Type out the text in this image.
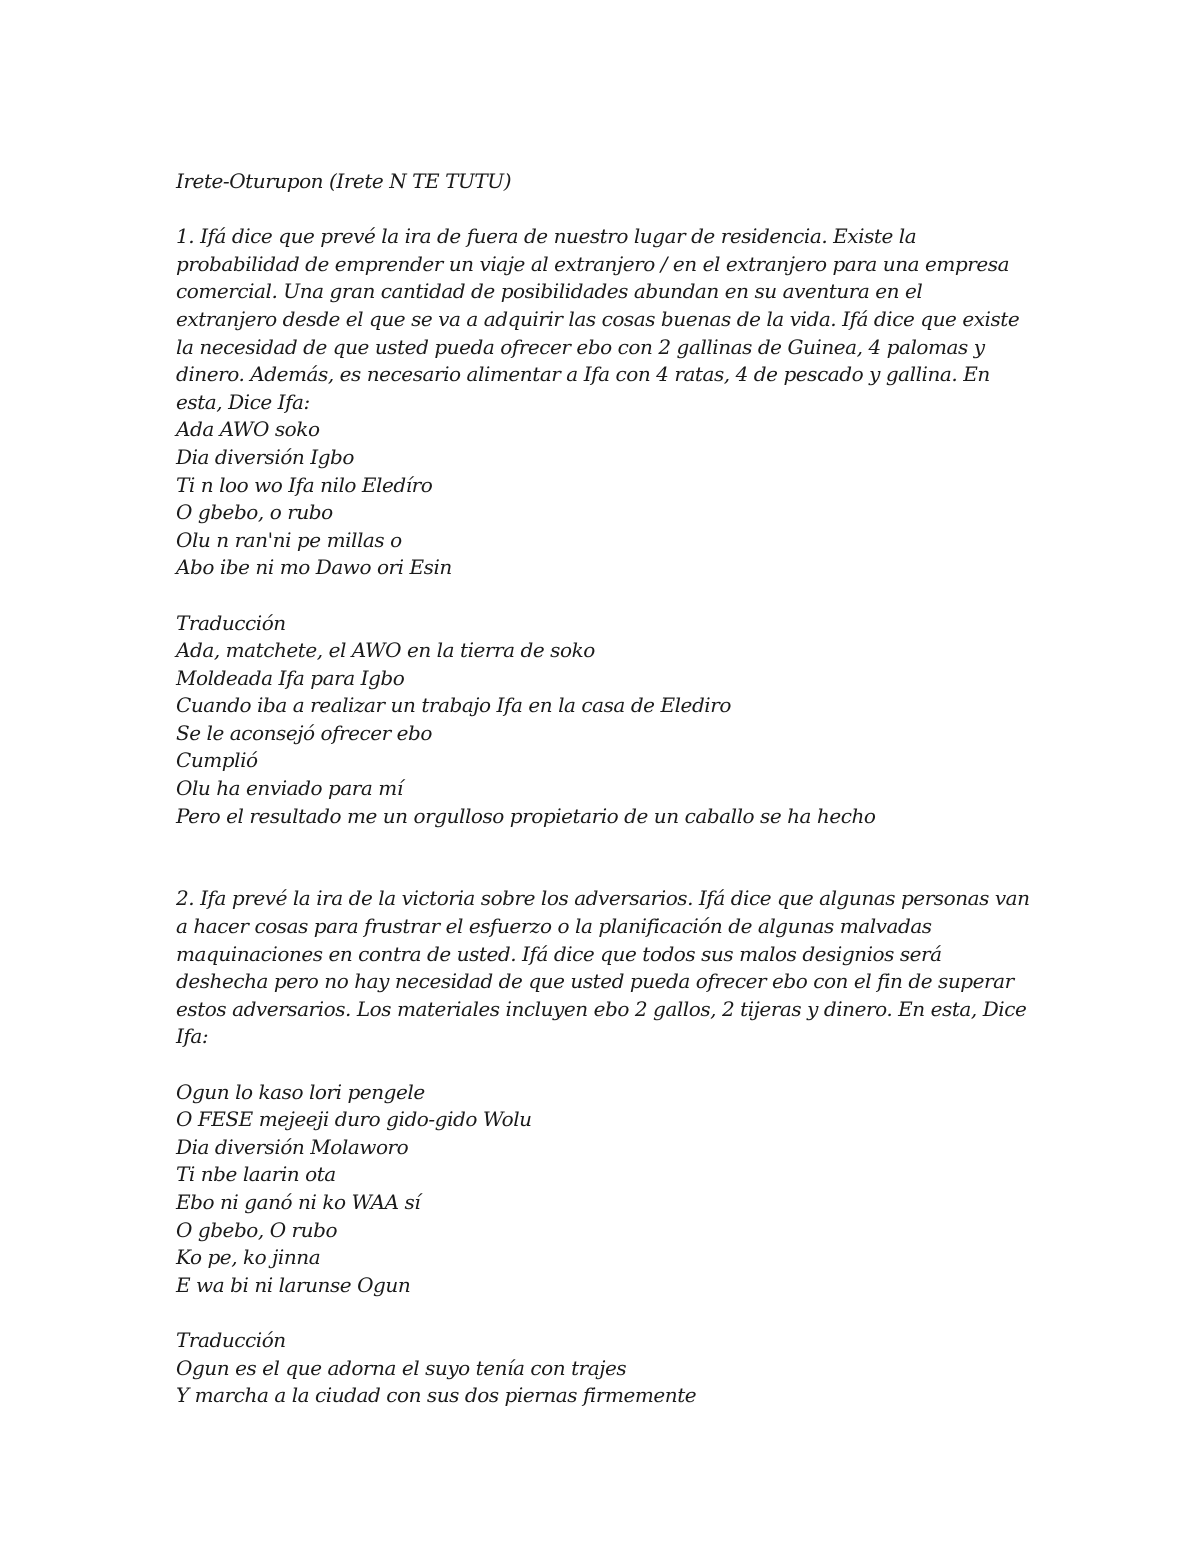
Irete-Oturupon (Irete N TE TUTU)
1. Ifá dice que prevé la ira de fuera de nuestro lugar de residencia. Existe la
probabilidad de emprender un viaje al extranjero / en el extranjero para una empresa
comercial. Una gran cantidad de posibilidades abundan en su aventura en el
extranjero desde el que se va a adquirir las cosas buenas de la vida. Ifá dice que existe
la necesidad de que usted pueda ofrecer ebo con 2 gallinas de Guinea, 4 palomas y
dinero. Además, es necesario alimentar a Ifa con 4 ratas, 4 de pescado y gallina. En
esta, Dice Ifa:
Ada AWO soko
Dia diversión Igbo
Ti n loo wo Ifa nilo Eledíro
O gbebo, o rubo
Olu n ran'ni pe millas o
Abo ibe ni mo Dawo ori Esin
Traducción
Ada, matchete, el AWO en la tierra de soko
Moldeada Ifa para Igbo
Cuando iba a realizar un trabajo Ifa en la casa de Elediro
Se le aconsejó ofrecer ebo
Cumplió
Olu ha enviado para mí
Pero el resultado me un orgulloso propietario de un caballo se ha hecho
2. Ifa prevé la ira de la victoria sobre los adversarios. Ifá dice que algunas personas van
a hacer cosas para frustrar el esfuerzo o la planificación de algunas malvadas
maquinaciones en contra de usted. Ifá dice que todos sus malos designios será
deshecha pero no hay necesidad de que usted pueda ofrecer ebo con el fin de superar
estos adversarios. Los materiales incluyen ebo 2 gallos, 2 tijeras y dinero. En esta, Dice
Ifa:
Ogun lo kaso lori pengele
O FESE mejeeji duro gido-gido Wolu
Dia diversión Molaworo
Ti nbe laarin ota
Ebo ni ganó ni ko WAA sí
O gbebo, O rubo
Ko pe, ko jinna
E wa bi ni larunse Ogun
Traducción
Ogun es el que adorna el suyo tenía con trajes
Y marcha a la ciudad con sus dos piernas firmemente
